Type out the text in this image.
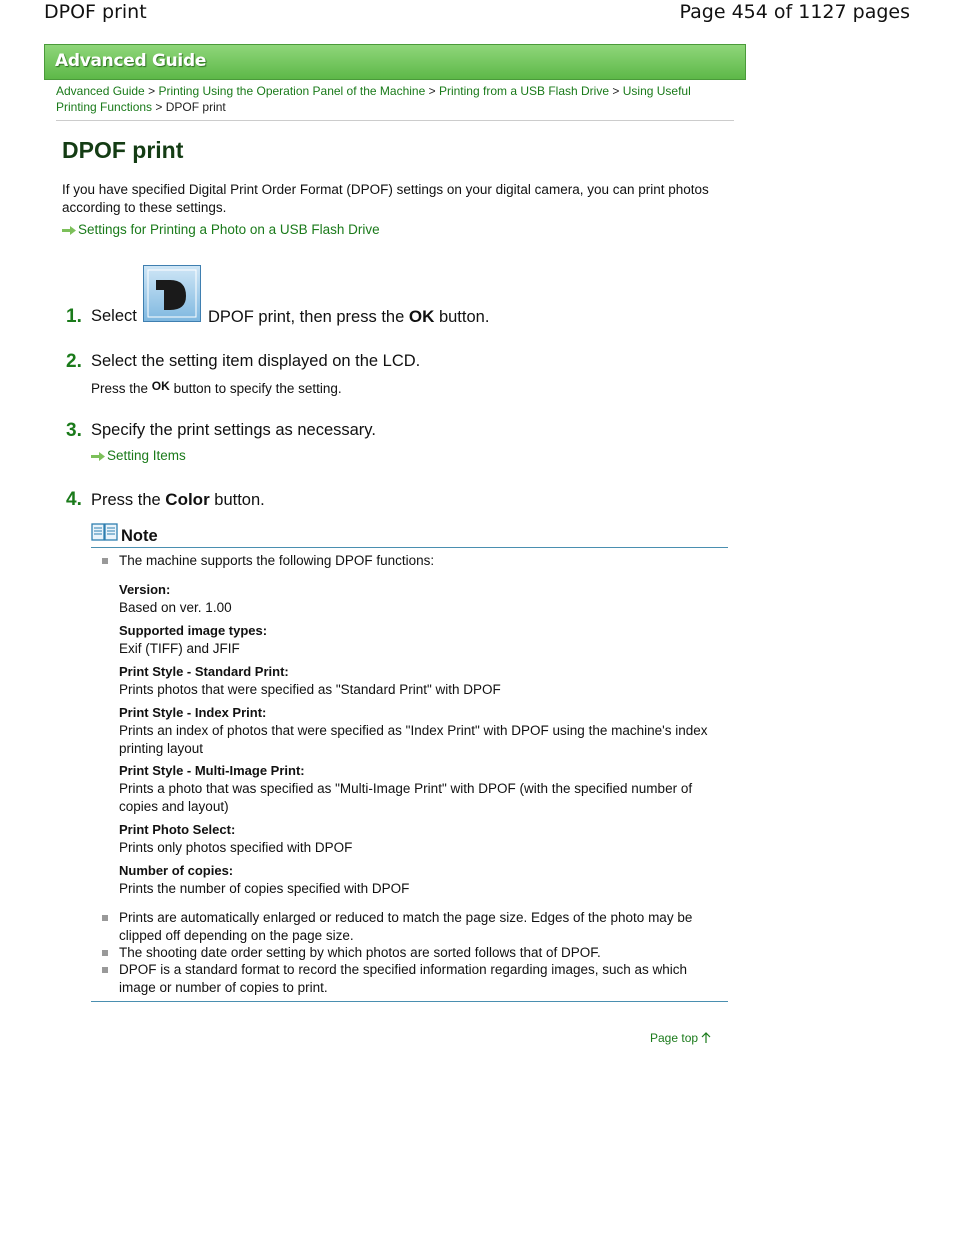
DPOF print	Page 454 of 1127 pages
Advanced Guide
Advanced Guide > Printing Using the Operation Panel of the Machine > Printing from a USB Flash Drive > Using Useful Printing Functions > DPOF print
DPOF print
If you have specified Digital Print Order Format (DPOF) settings on your digital camera, you can print photos according to these settings.
Settings for Printing a Photo on a USB Flash Drive
1. Select	DPOF print, then press the OK button.
2. Select the setting item displayed on the LCD.
Press the OK button to specify the setting.
3. Specify the print settings as necessary.
Setting Items
4. Press the Color button.
Note
The machine supports the following DPOF functions:
Version:
Based on ver. 1.00
Supported image types:
Exif (TIFF) and JFIF
Print Style - Standard Print:
Prints photos that were specified as "Standard Print" with DPOF
Print Style - Index Print:
Prints an index of photos that were specified as "Index Print" with DPOF using the machine's index printing layout
Print Style - Multi-Image Print:
Prints a photo that was specified as "Multi-Image Print" with DPOF (with the specified number of copies and layout)
Print Photo Select:
Prints only photos specified with DPOF
Number of copies:
Prints the number of copies specified with DPOF
Prints are automatically enlarged or reduced to match the page size. Edges of the photo may be clipped off depending on the page size.
The shooting date order setting by which photos are sorted follows that of DPOF.
DPOF is a standard format to record the specified information regarding images, such as which image or number of copies to print.
Page top
